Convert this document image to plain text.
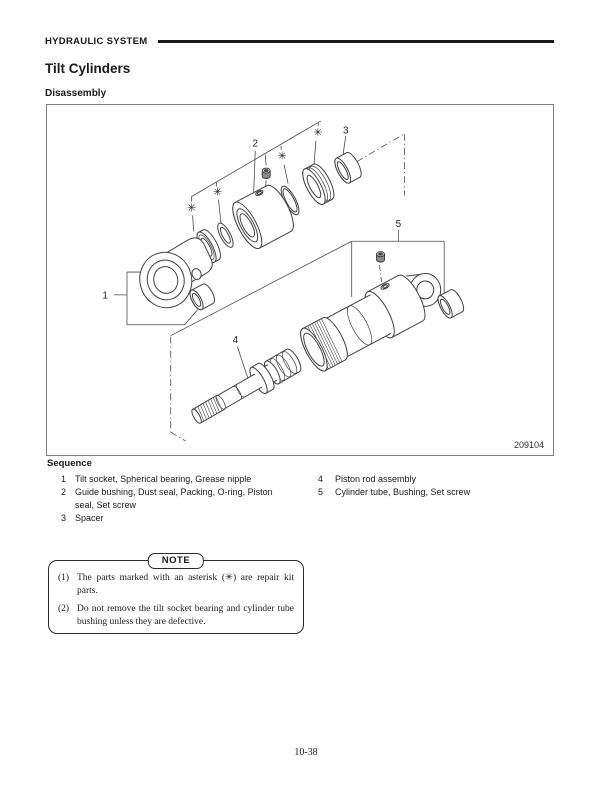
HYDRAULIC SYSTEM
Tilt Cylinders
Disassembly
1
2
3
4
5
✳
✳
✳
✳
209104
Sequence
1 Tilt socket, Spherical bearing, Grease nipple
2 Guide bushing, Dust seal, Packing, O-ring, Piston seal, Set screw
3 Spacer
4	Piston rod assembly
5	Cylinder tube, Bushing, Set screw
NOTE
(1) The parts marked with an asterisk (✳) are repair kit parts.
(2) Do not remove the tilt socket bearing and cylinder tube bushing unless they are defective.
10-38
